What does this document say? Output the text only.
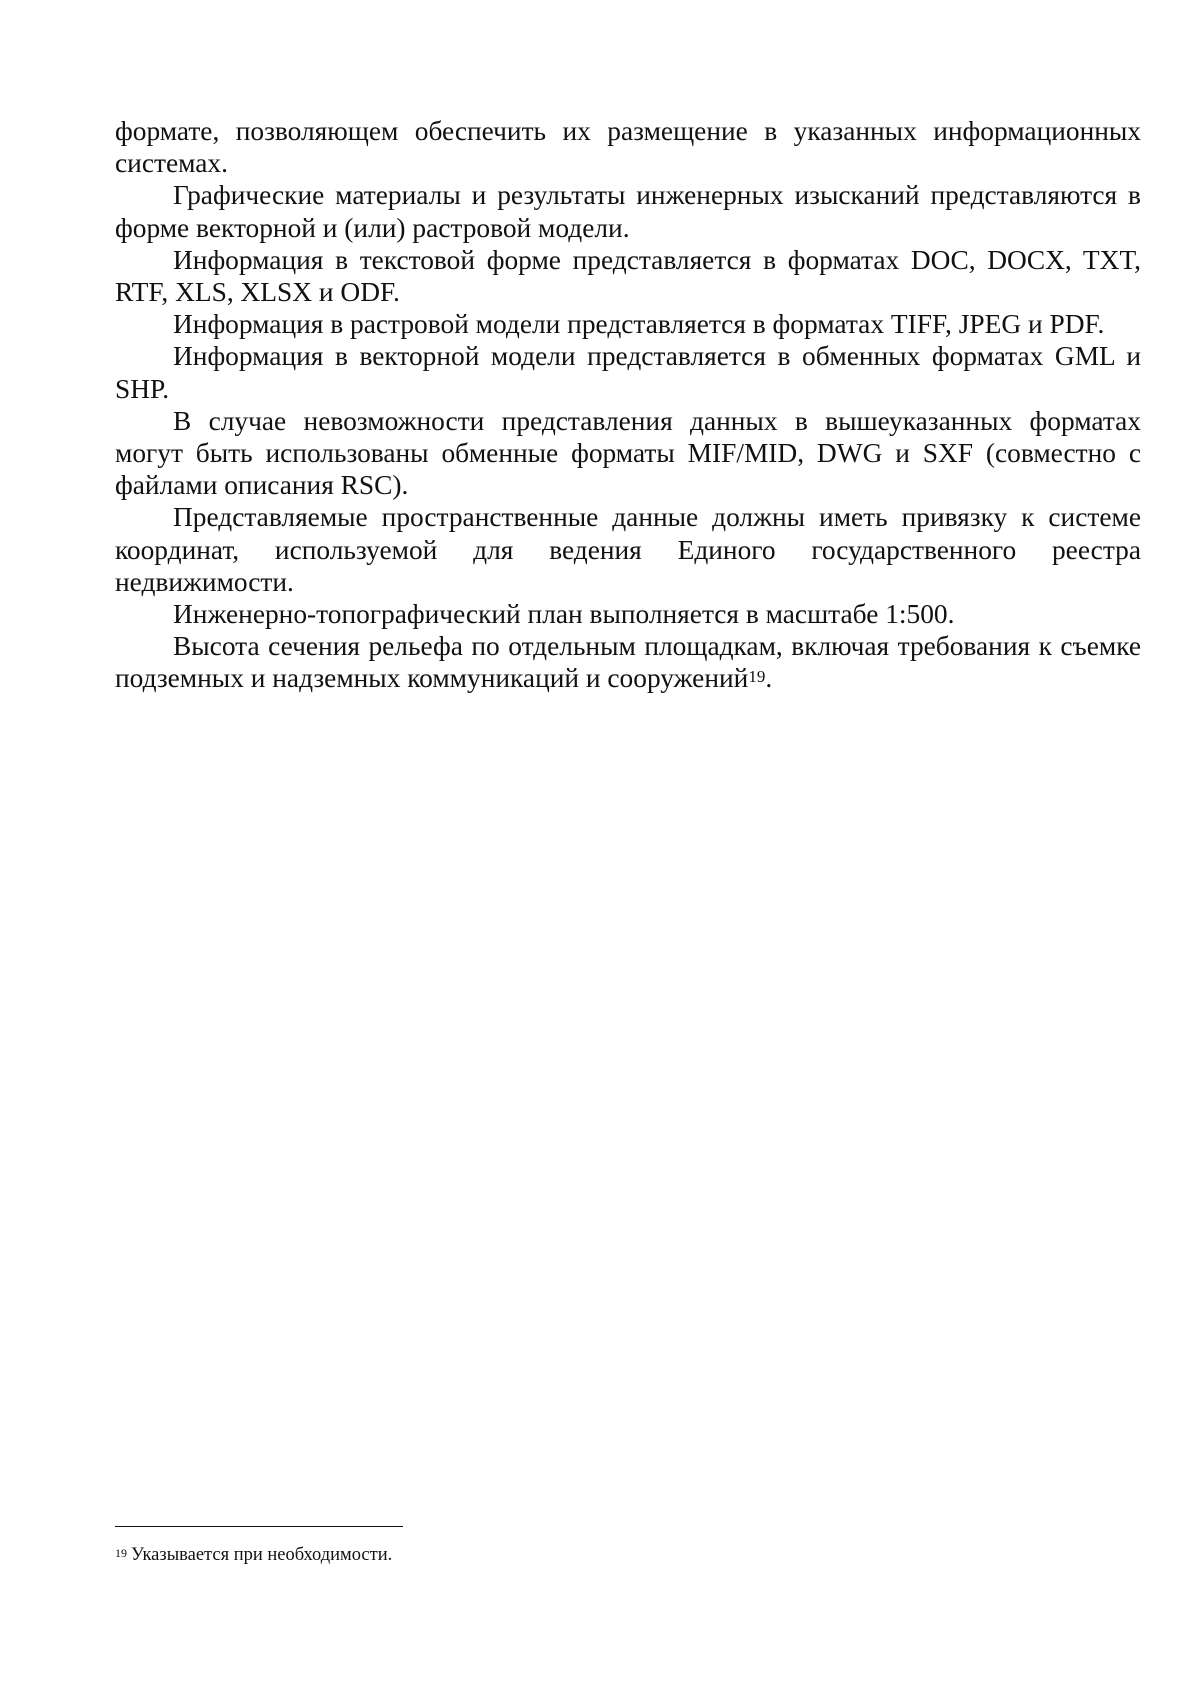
формате, позволяющем обеспечить их размещение в указанных информационных системах.

Графические материалы и результаты инженерных изысканий представляются в форме векторной и (или) растровой модели.

Информация в текстовой форме представляется в форматах DOC, DOCX, TXT, RTF, XLS, XLSX и ODF.

Информация в растровой модели представляется в форматах TIFF, JPEG и PDF.

Информация в векторной модели представляется в обменных форматах GML и SHP.

В случае невозможности представления данных в вышеуказанных форматах могут быть использованы обменные форматы MIF/MID, DWG и SXF (совместно с файлами описания RSC).

Представляемые пространственные данные должны иметь привязку к системе координат, используемой для ведения Единого государственного реестра недвижимости.

Инженерно-топографический план выполняется в масштабе 1:500.

Высота сечения рельефа по отдельным площадкам, включая требования к съемке подземных и надземных коммуникаций и сооружений$^{19}$.

$^{19}$ Указывается при необходимости.
